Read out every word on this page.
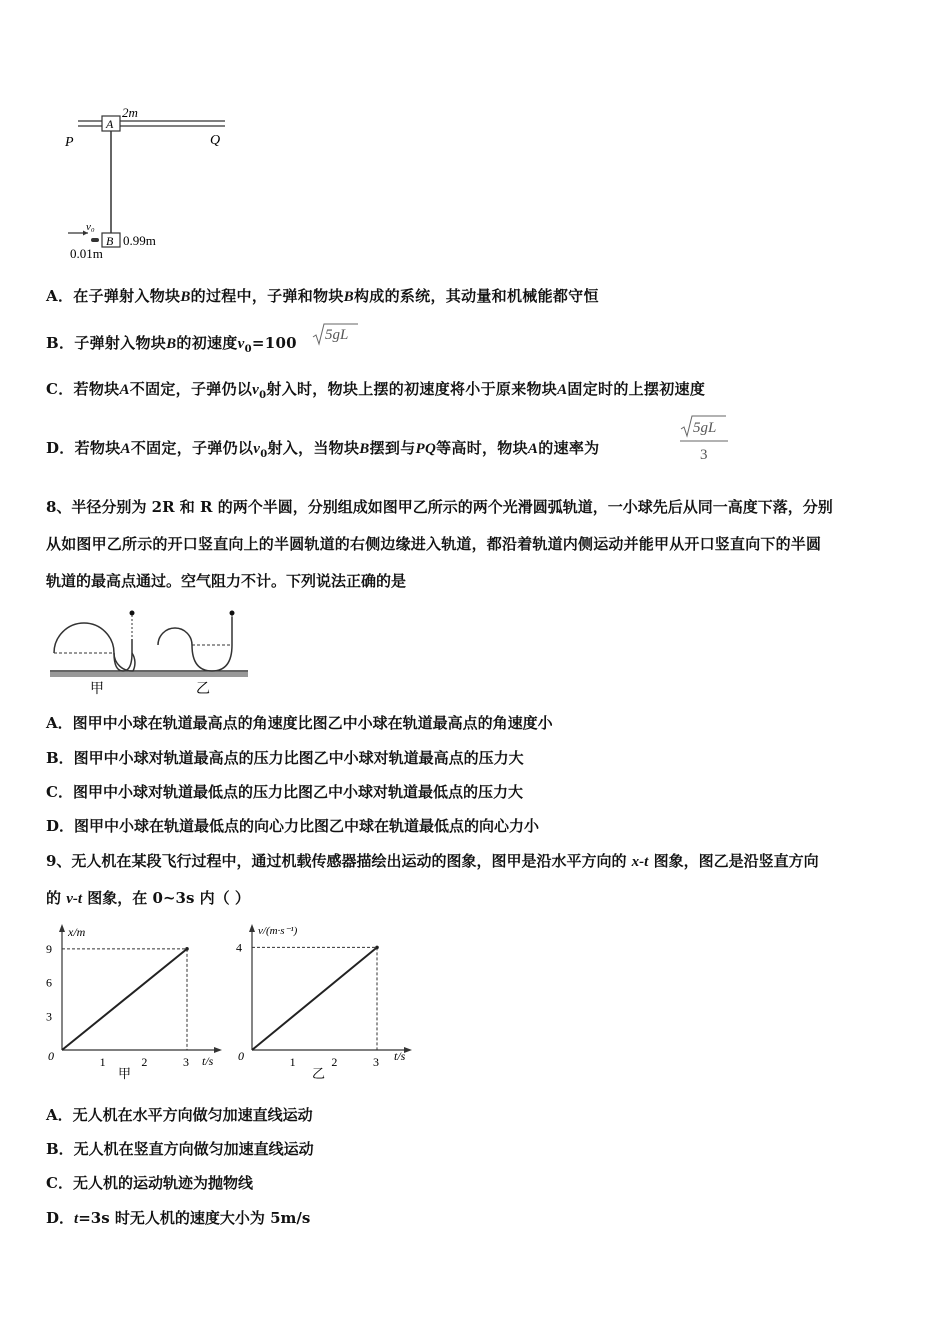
A
2m
P	Q
B 0.99m
v₀
0.01m
A．在子弹射入物块B的过程中，子弹和物块B构成的系统，其动量和机械能都守恒
B．子弹射入物块B的初速度$v_0=100$ 5gL
C．若物块A不固定，子弹仍以$v_0$射入时，物块上摆的初速度将小于原来物块A固定时的上摆初速度
D．若物块A不固定，子弹仍以$v_0$射入，当物块B摆到与PQ等高时，物块A的速率为
5gL
3
8、半径分别为 2R 和 R 的两个半圆，分别组成如图甲乙所示的两个光滑圆弧轨道，一小球先后从同一高度下落，分别
从如图甲乙所示的开口竖直向上的半圆轨道的右侧边缘进入轨道，都沿着轨道内侧运动并能甲从开口竖直向下的半圆
轨道的最高点通过。空气阻力不计。下列说法正确的是
甲	乙
A．图甲中小球在轨道最高点的角速度比图乙中小球在轨道最高点的角速度小
B．图甲中小球对轨道最高点的压力比图乙中小球对轨道最高点的压力大
C．图甲中小球对轨道最低点的压力比图乙中小球对轨道最低点的压力大
D．图甲中小球在轨道最低点的向心力比图乙中球在轨道最低点的向心力小
9、无人机在某段飞行过程中，通过机载传感器描绘出运动的图象，图甲是沿水平方向的 x-t 图象，图乙是沿竖直方向
的 v-t 图象，在 0~3s 内（ ）
x/m
t/s
甲
0	1	2	3
3
6
9
v/(m·s⁻¹)
t/s
乙
0	1	2	3
4
A．无人机在水平方向做匀加速直线运动
B．无人机在竖直方向做匀加速直线运动
C．无人机的运动轨迹为抛物线
D．t=3s 时无人机的速度大小为 5m/s
